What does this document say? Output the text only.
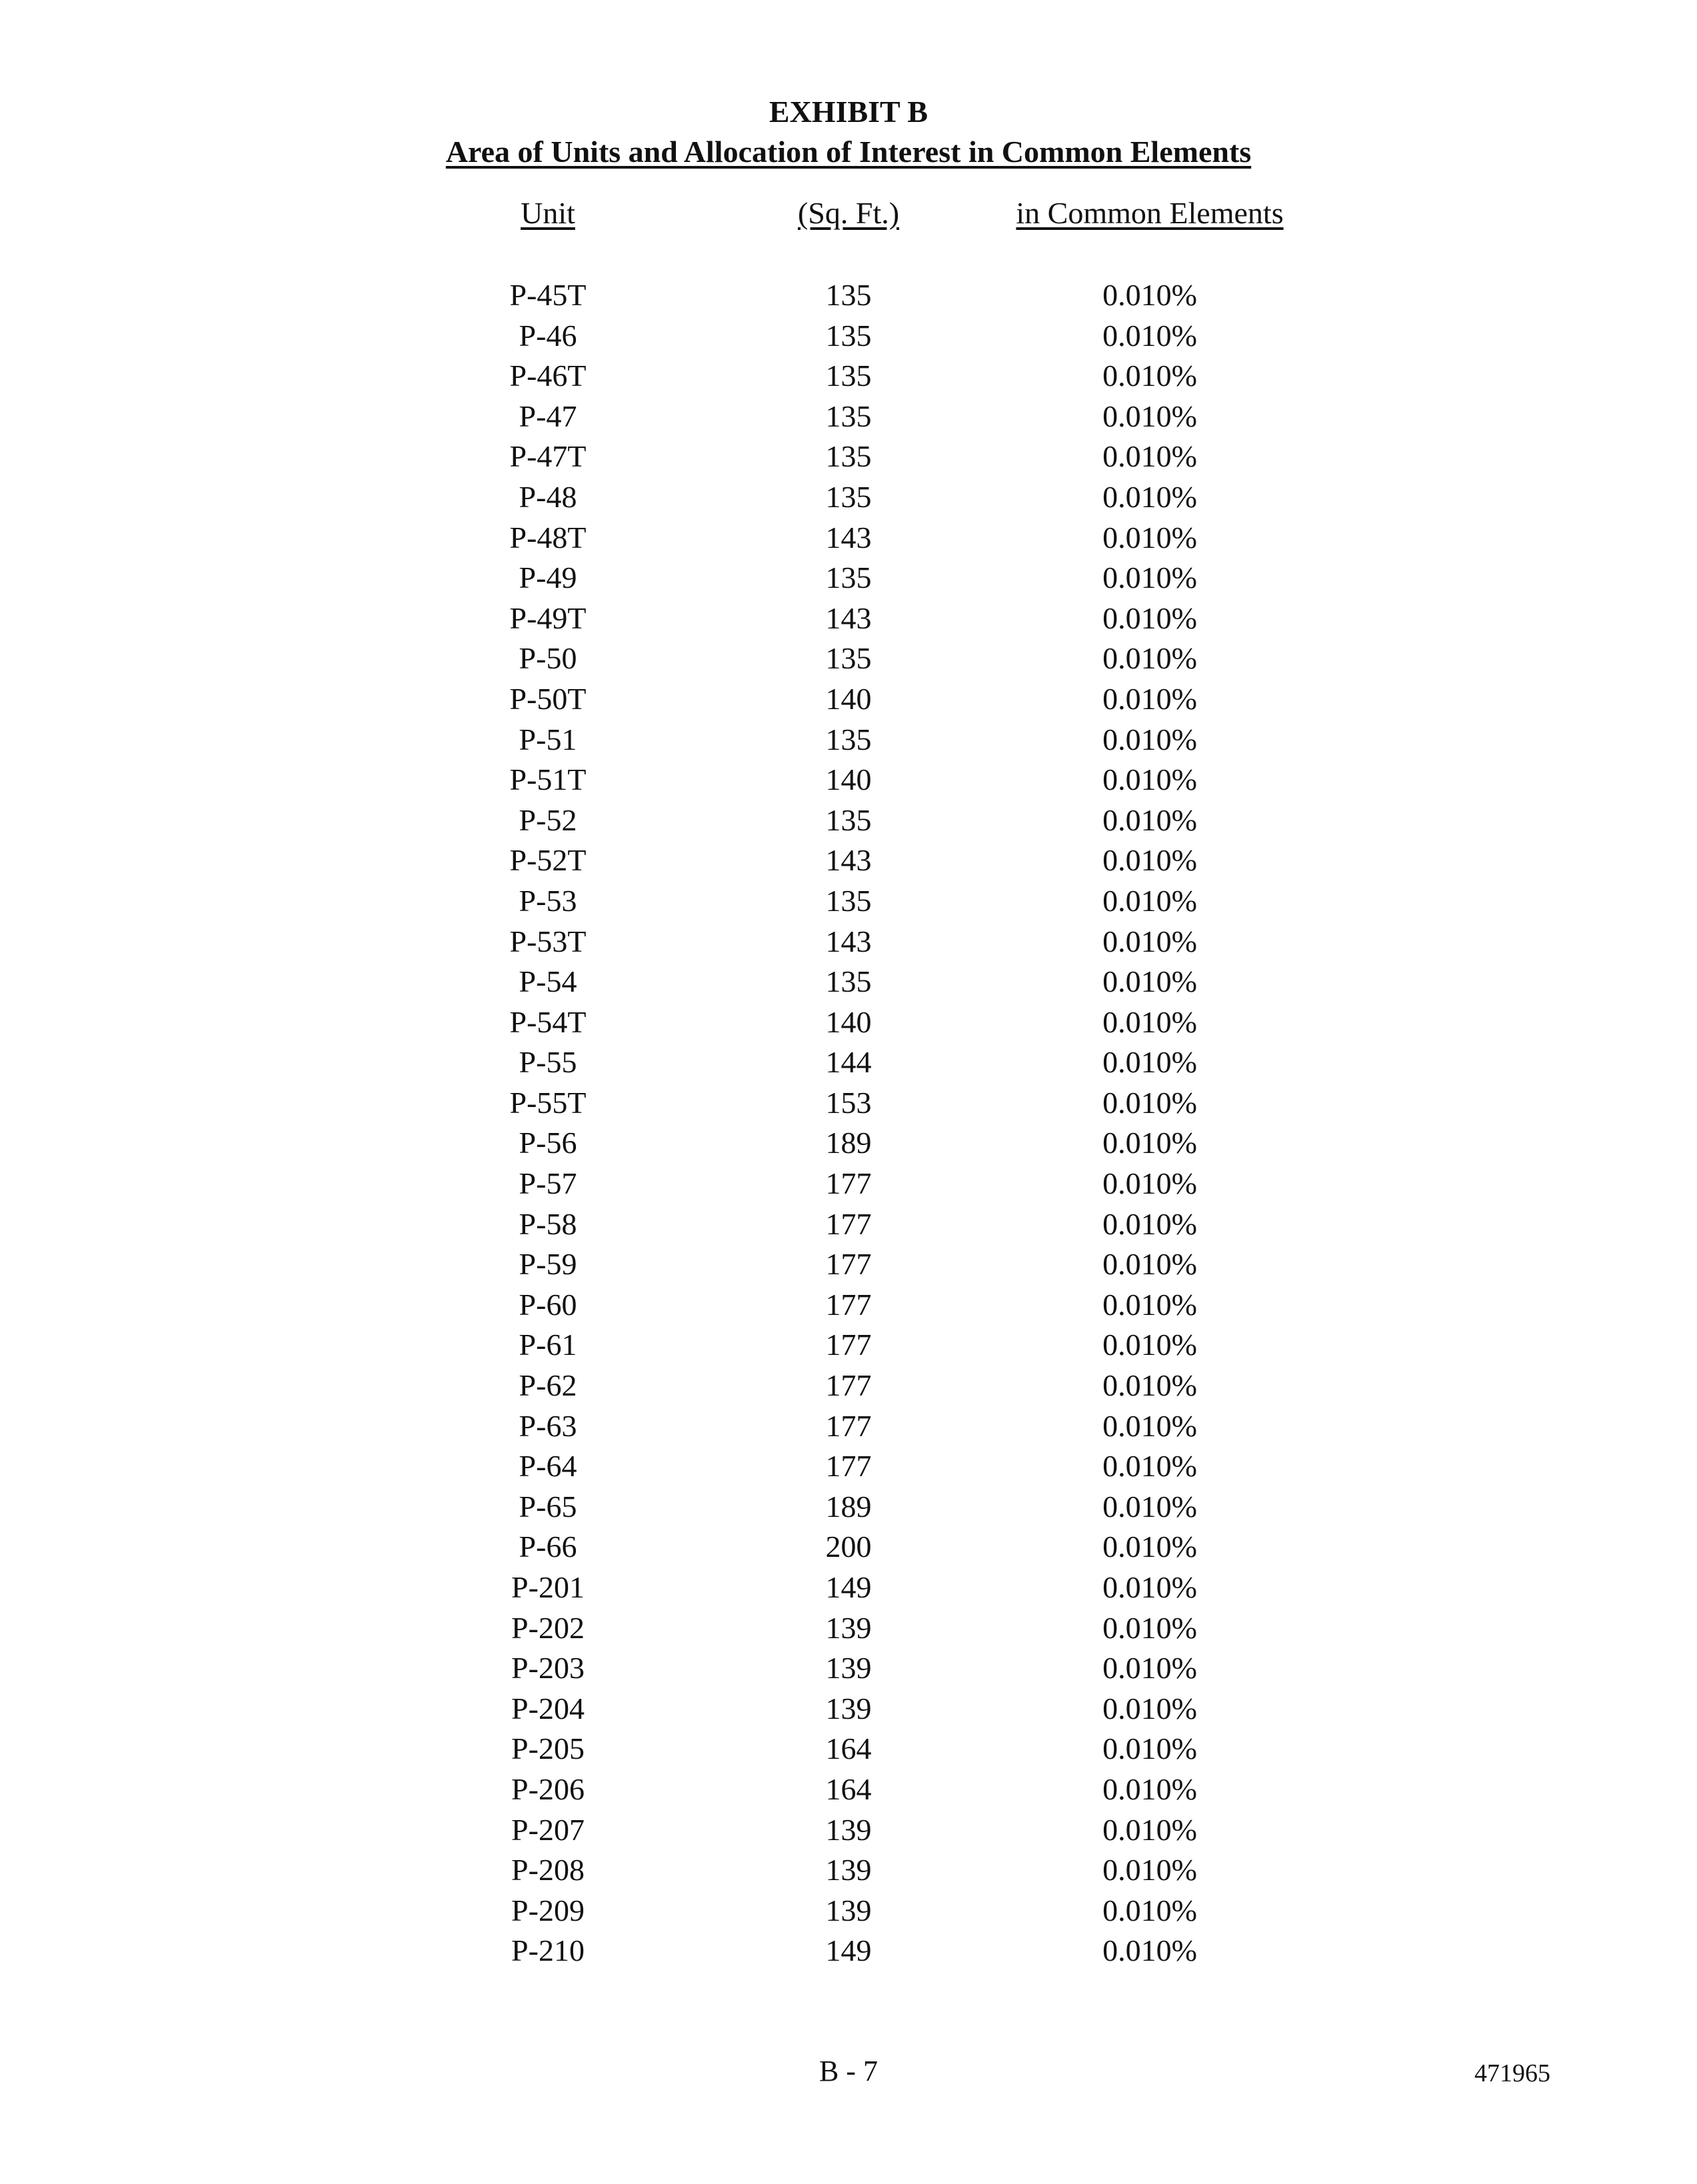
EXHIBIT B
Area of Units and Allocation of Interest in Common Elements
Unit	(Sq. Ft.)	in Common Elements
P-45T	135	0.010%
P-46	135	0.010%
P-46T	135	0.010%
P-47	135	0.010%
P-47T	135	0.010%
P-48	135	0.010%
P-48T	143	0.010%
P-49	135	0.010%
P-49T	143	0.010%
P-50	135	0.010%
P-50T	140	0.010%
P-51	135	0.010%
P-51T	140	0.010%
P-52	135	0.010%
P-52T	143	0.010%
P-53	135	0.010%
P-53T	143	0.010%
P-54	135	0.010%
P-54T	140	0.010%
P-55	144	0.010%
P-55T	153	0.010%
P-56	189	0.010%
P-57	177	0.010%
P-58	177	0.010%
P-59	177	0.010%
P-60	177	0.010%
P-61	177	0.010%
P-62	177	0.010%
P-63	177	0.010%
P-64	177	0.010%
P-65	189	0.010%
P-66	200	0.010%
P-201	149	0.010%
P-202	139	0.010%
P-203	139	0.010%
P-204	139	0.010%
P-205	164	0.010%
P-206	164	0.010%
P-207	139	0.010%
P-208	139	0.010%
P-209	139	0.010%
P-210	149	0.010%
B - 7	471965
